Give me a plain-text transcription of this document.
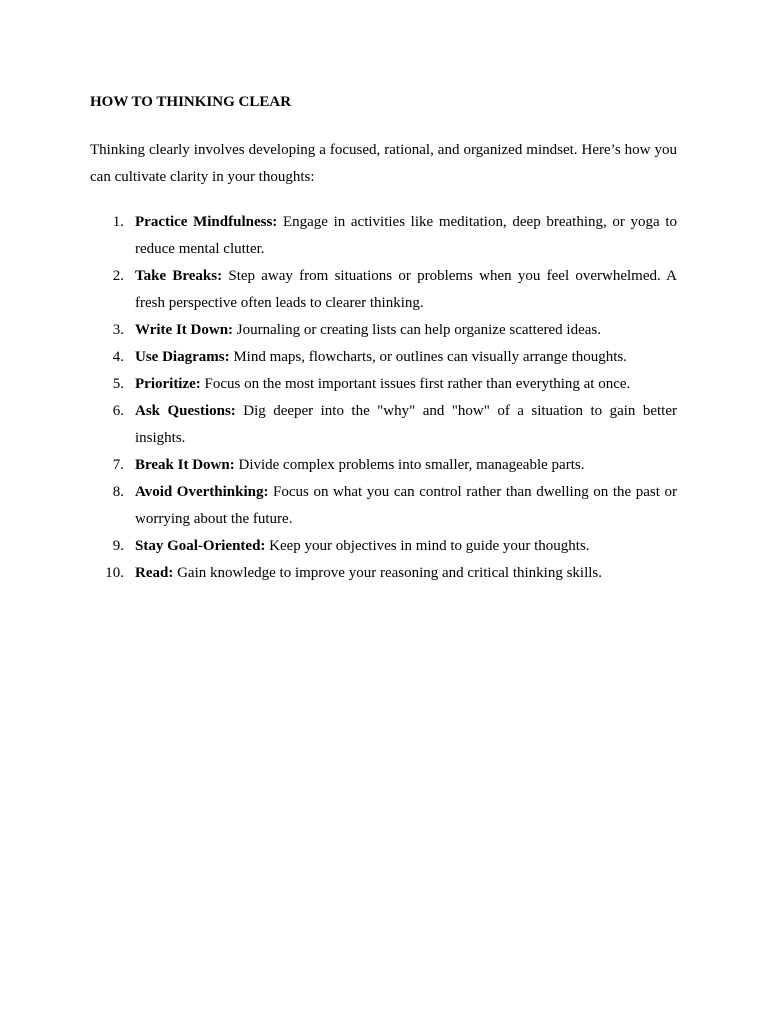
HOW TO THINKING CLEAR

Thinking clearly involves developing a focused, rational, and organized mindset. Here’s how you can cultivate clarity in your thoughts:

1. Practice Mindfulness: Engage in activities like meditation, deep breathing, or yoga to reduce mental clutter.
2. Take Breaks: Step away from situations or problems when you feel overwhelmed. A fresh perspective often leads to clearer thinking.
3. Write It Down: Journaling or creating lists can help organize scattered ideas.
4. Use Diagrams: Mind maps, flowcharts, or outlines can visually arrange thoughts.
5. Prioritize: Focus on the most important issues first rather than everything at once.
6. Ask Questions: Dig deeper into the "why" and "how" of a situation to gain better insights.
7. Break It Down: Divide complex problems into smaller, manageable parts.
8. Avoid Overthinking: Focus on what you can control rather than dwelling on the past or worrying about the future.
9. Stay Goal-Oriented: Keep your objectives in mind to guide your thoughts.
10. Read: Gain knowledge to improve your reasoning and critical thinking skills.
